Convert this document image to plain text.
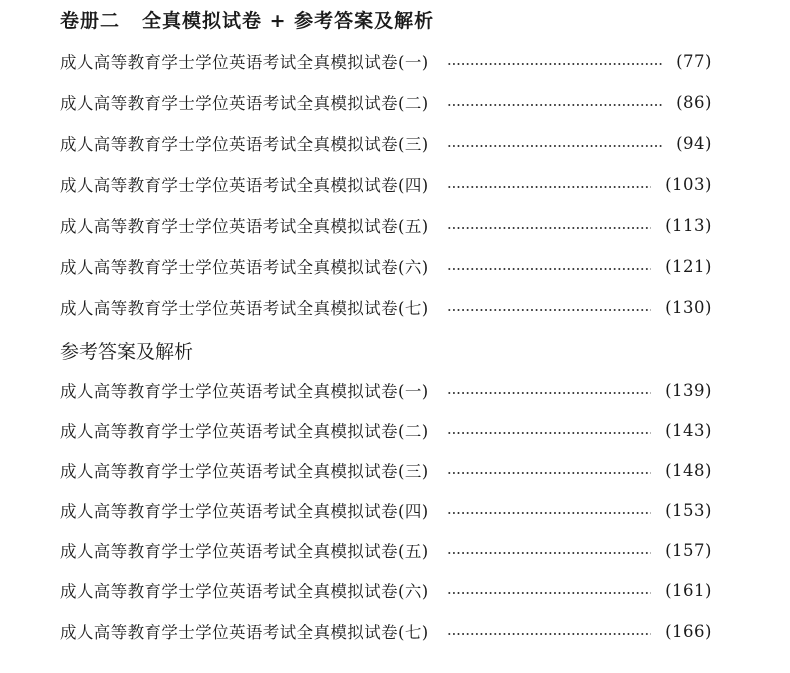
卷册二 全真模拟试卷 + 参考答案及解析
成人高等教育学士学位英语考试全真模拟试卷(一)	(77)
成人高等教育学士学位英语考试全真模拟试卷(二)	(86)
成人高等教育学士学位英语考试全真模拟试卷(三)	(94)
成人高等教育学士学位英语考试全真模拟试卷(四)	(103)
成人高等教育学士学位英语考试全真模拟试卷(五)	(113)
成人高等教育学士学位英语考试全真模拟试卷(六)	(121)
成人高等教育学士学位英语考试全真模拟试卷(七)	(130)
参考答案及解析
成人高等教育学士学位英语考试全真模拟试卷(一)	(139)
成人高等教育学士学位英语考试全真模拟试卷(二)	(143)
成人高等教育学士学位英语考试全真模拟试卷(三)	(148)
成人高等教育学士学位英语考试全真模拟试卷(四)	(153)
成人高等教育学士学位英语考试全真模拟试卷(五)	(157)
成人高等教育学士学位英语考试全真模拟试卷(六)	(161)
成人高等教育学士学位英语考试全真模拟试卷(七)	(166)
